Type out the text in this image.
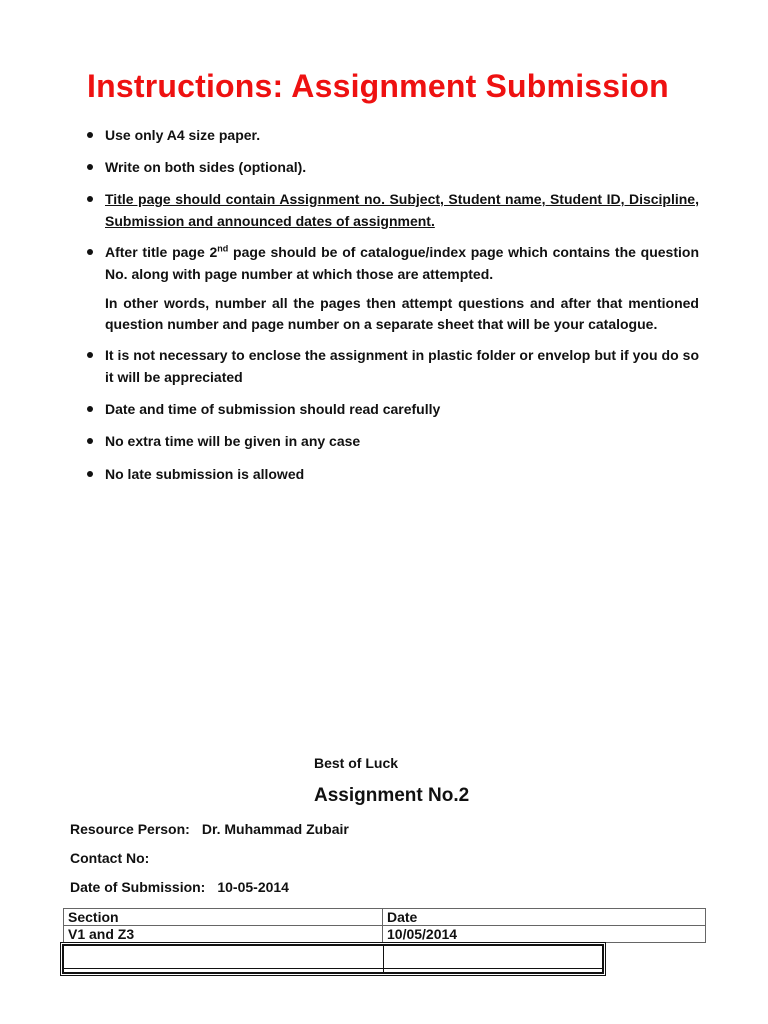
Instructions: Assignment Submission
Use only A4 size paper.
Write on both sides (optional).
Title page should contain Assignment no. Subject, Student name, Student ID, Discipline, Submission and announced dates of assignment.
After title page 2nd page should be of catalogue/index page which contains the question No. along with page number at which those are attempted.
In other words, number all the pages then attempt questions and after that mentioned question number and page number on a separate sheet that will be your catalogue.
It is not necessary to enclose the assignment in plastic folder or envelop but if you do so it will be appreciated
Date and time of submission should read carefully
No extra time will be given in any case
No late submission is allowed
Best of Luck
Assignment No.2
Resource Person: Dr. Muhammad Zubair
Contact No:
Date of Submission: 10-05-2014
Section	Date
V1 and Z3	10/05/2014
